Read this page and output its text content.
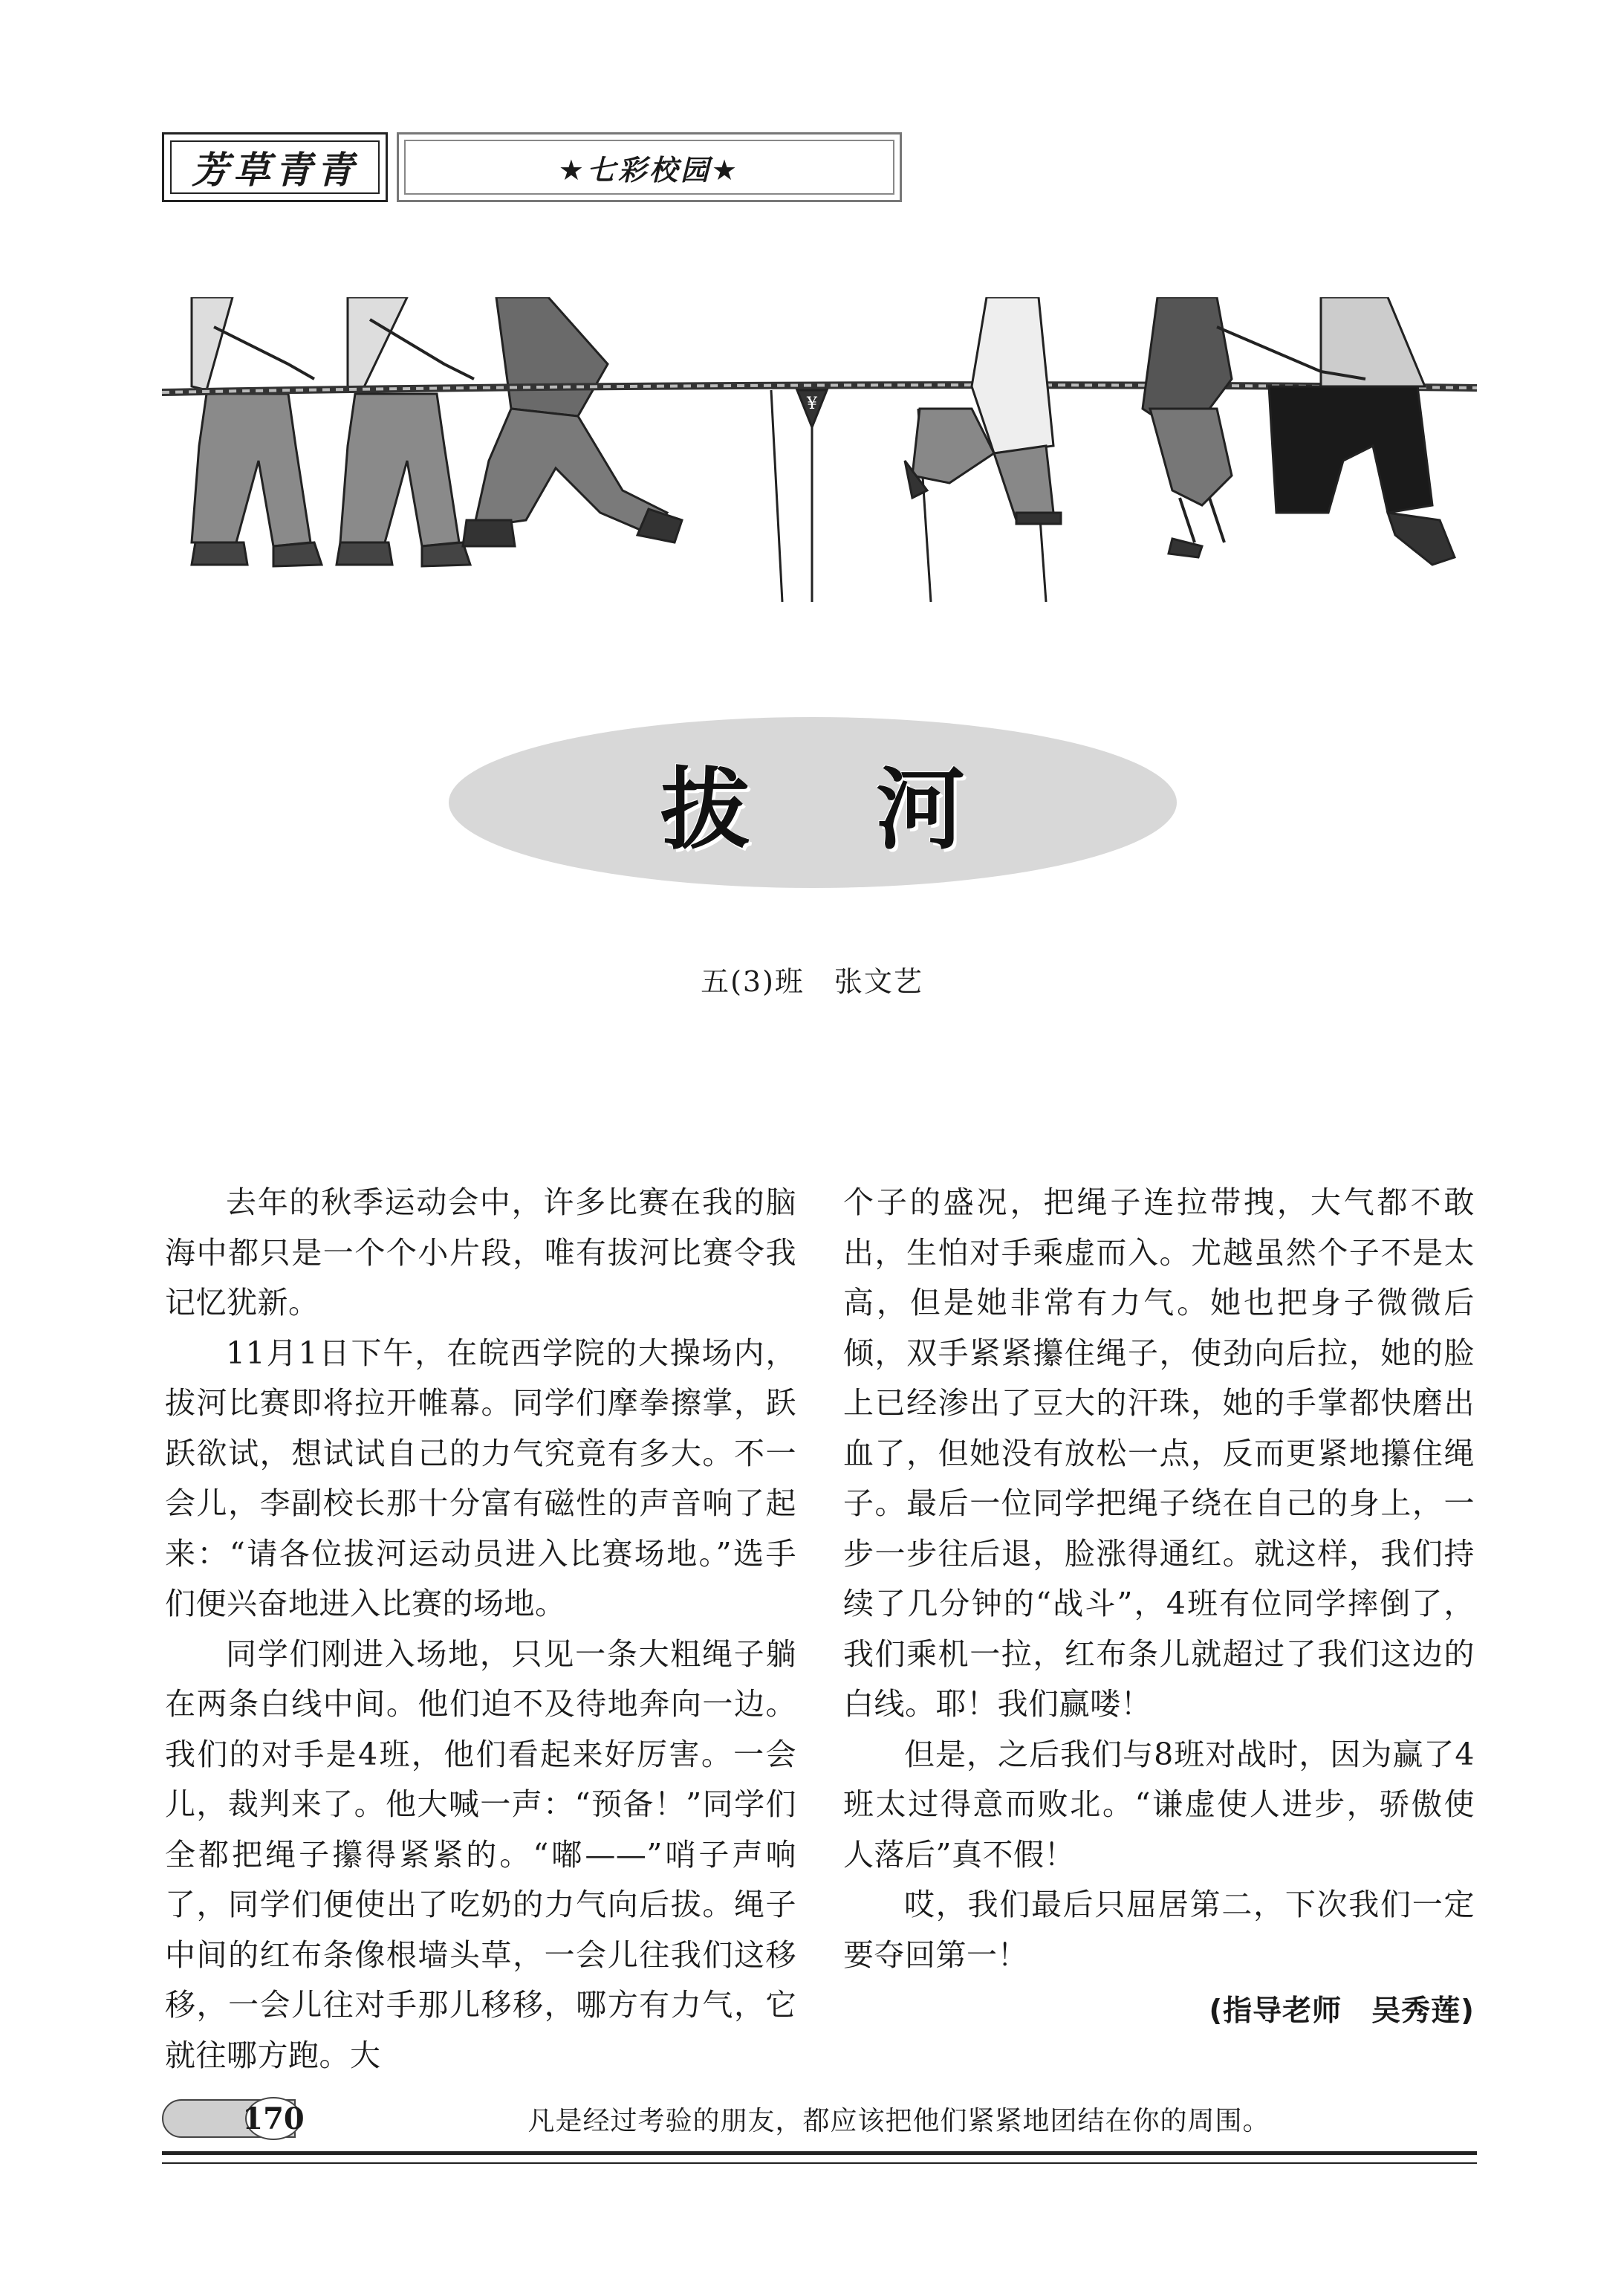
芳草青青	★七彩校园★
¥
拔河
五(3)班　张文艺

去年的秋季运动会中，许多比赛在我的脑海中都只是一个个小片段，唯有拔河比赛令我记忆犹新。

11月1日下午，在皖西学院的大操场内，拔河比赛即将拉开帷幕。同学们摩拳擦掌，跃跃欲试，想试试自己的力气究竟有多大。不一会儿，李副校长那十分富有磁性的声音响了起来：“请各位拔河运动员进入比赛场地。”选手们便兴奋地进入比赛的场地。

同学们刚进入场地，只见一条大粗绳子躺在两条白线中间。他们迫不及待地奔向一边。我们的对手是4班，他们看起来好厉害。一会儿，裁判来了。他大喊一声：“预备！”同学们全都把绳子攥得紧紧的。“嘟——”哨子声响了，同学们便使出了吃奶的力气向后拔。绳子中间的红布条像根墙头草，一会儿往我们这移移，一会儿往对手那儿移移，哪方有力气，它就往哪方跑。大

个子的盛况，把绳子连拉带拽，大气都不敢出，生怕对手乘虚而入。尤越虽然个子不是太高，但是她非常有力气。她也把身子微微后倾，双手紧紧攥住绳子，使劲向后拉，她的脸上已经渗出了豆大的汗珠，她的手掌都快磨出血了，但她没有放松一点，反而更紧地攥住绳子。最后一位同学把绳子绕在自己的身上，一步一步往后退，脸涨得通红。就这样，我们持续了几分钟的“战斗”，4班有位同学摔倒了，我们乘机一拉，红布条儿就超过了我们这边的白线。耶！我们赢喽！

但是，之后我们与8班对战时，因为赢了4班太过得意而败北。“谦虚使人进步，骄傲使人落后”真不假！

哎，我们最后只屈居第二，下次我们一定要夺回第一！

(指导老师　吴秀莲)
170	凡是经过考验的朋友，都应该把他们紧紧地团结在你的周围。
